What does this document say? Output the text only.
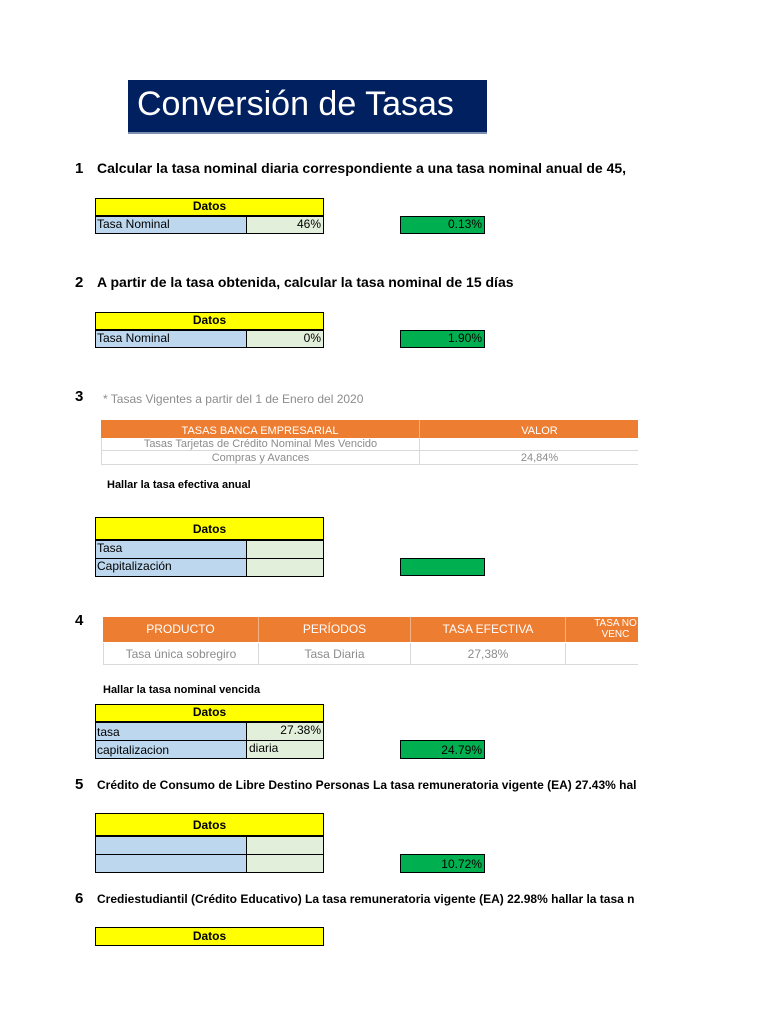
Conversión de Tasas
1 Calcular la tasa nominal diaria correspondiente a una tasa nominal anual de 45,
Datos
Tasa Nominal	46%	0.13%
2 A partir de la tasa obtenida, calcular la tasa nominal de 15 días
Datos
Tasa Nominal	0%	1.90%
3	* Tasas Vigentes a partir del 1 de Enero del 2020
TASAS BANCA EMPRESARIAL	VALOR
Tasas Tarjetas de Crédito Nominal Mes Vencido
Compras y Avances	24,84%
Hallar la tasa efectiva anual
Datos
Tasa
Capitalización
4	PRODUCTO	PERÍODOS	TASA EFECTIVA	TASA NO
VENC
Tasa única sobregiro	Tasa Diaria	27,38%
Hallar la tasa nominal vencida
Datos
tasa	27.38%
capitalizacion	diaria	24.79%
5	Crédito de Consumo de Libre Destino Personas La tasa remuneratoria vigente (EA) 27.43% hal
Datos
10.72%
6	Crediestudiantil (Crédito Educativo) La tasa remuneratoria vigente (EA) 22.98% hallar la tasa n
Datos
